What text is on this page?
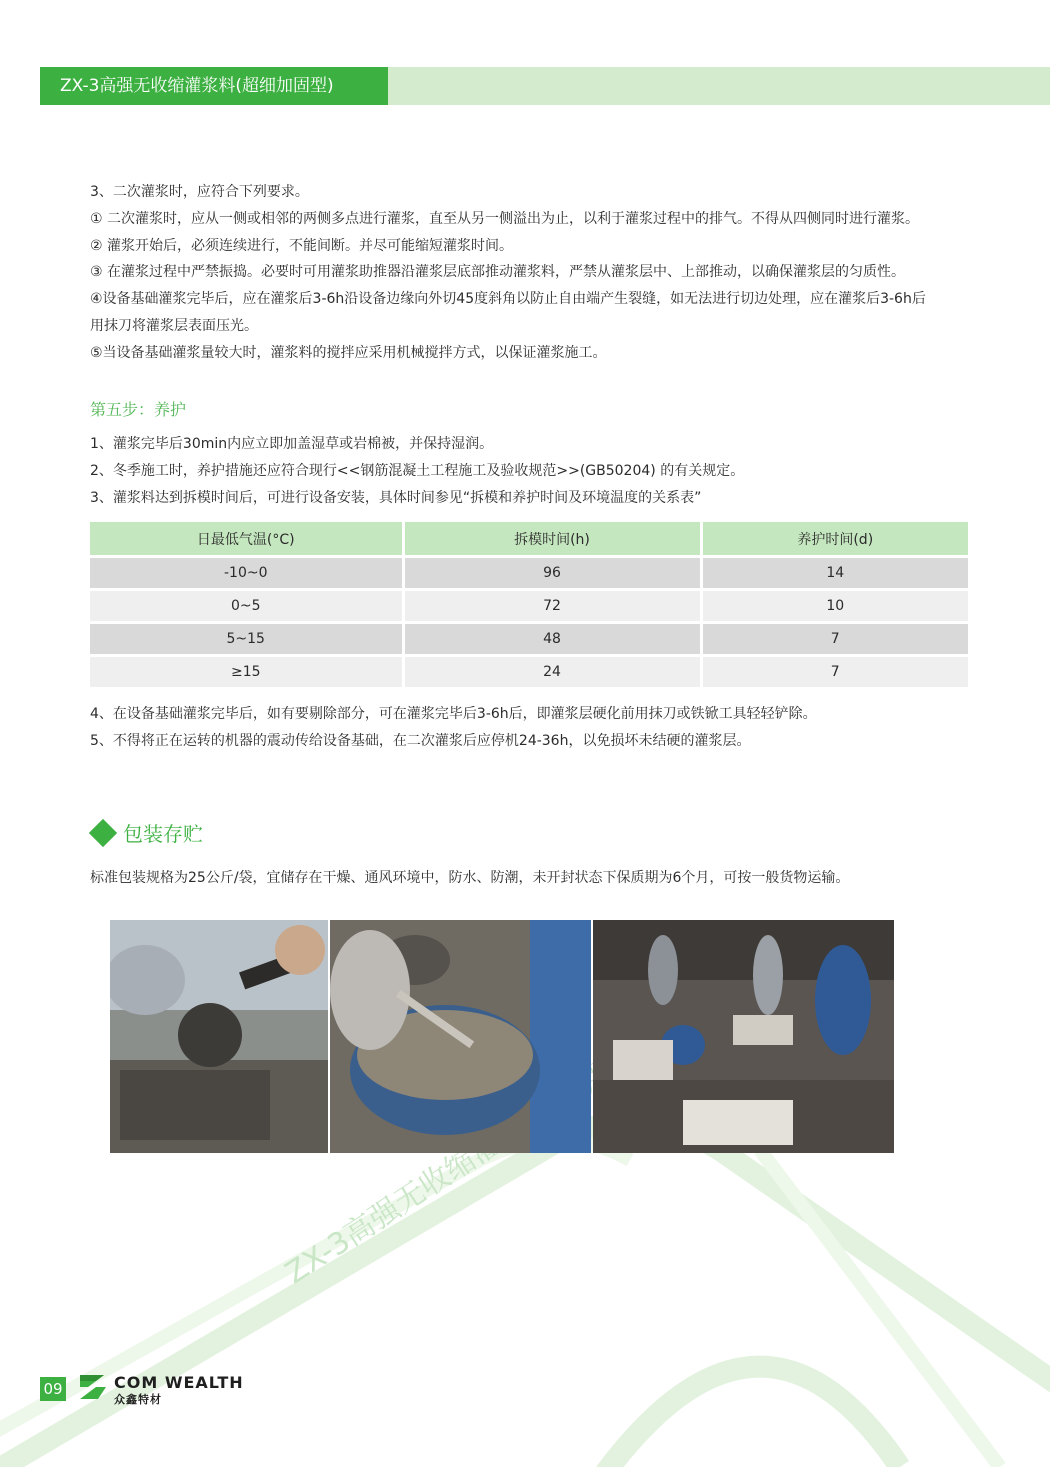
ZX-3高强无收缩灌浆料(超细加固型)
3、二次灌浆时，应符合下列要求。
① 二次灌浆时，应从一侧或相邻的两侧多点进行灌浆，直至从另一侧溢出为止，以利于灌浆过程中的排气。不得从四侧同时进行灌浆。
② 灌浆开始后，必须连续进行，不能间断。并尽可能缩短灌浆时间。
③ 在灌浆过程中严禁振捣。必要时可用灌浆助推器沿灌浆层底部推动灌浆料，严禁从灌浆层中、上部推动，以确保灌浆层的匀质性。
④设备基础灌浆完毕后，应在灌浆后3-6h沿设备边缘向外切45度斜角以防止自由端产生裂缝，如无法进行切边处理，应在灌浆后3-6h后
用抹刀将灌浆层表面压光。
⑤当设备基础灌浆量较大时，灌浆料的搅拌应采用机械搅拌方式，以保证灌浆施工。
第五步：养护
1、灌浆完毕后30min内应立即加盖湿草或岩棉被，并保持湿润。
2、冬季施工时，养护措施还应符合现行<<钢筋混凝土工程施工及验收规范>>(GB50204) 的有关规定。
3、灌浆料达到拆模时间后，可进行设备安装，具体时间参见“拆模和养护时间及环境温度的关系表”
日最低气温(°C)	拆模时间(h)	养护时间(d)
-10~0	96	14
0~5	72	10
5~15	48	7
≥15	24	7
4、在设备基础灌浆完毕后，如有要剔除部分，可在灌浆完毕后3-6h后，即灌浆层硬化前用抹刀或铁锨工具轻轻铲除。
5、不得将正在运转的机器的震动传给设备基础，在二次灌浆后应停机24-36h，以免损坏未结硬的灌浆层。
包装存贮
标准包装规格为25公斤/袋，宜储存在干燥、通风环境中，防水、防潮，未开封状态下保质期为6个月，可按一般货物运输。
09	COM WEALTH
众鑫特材
